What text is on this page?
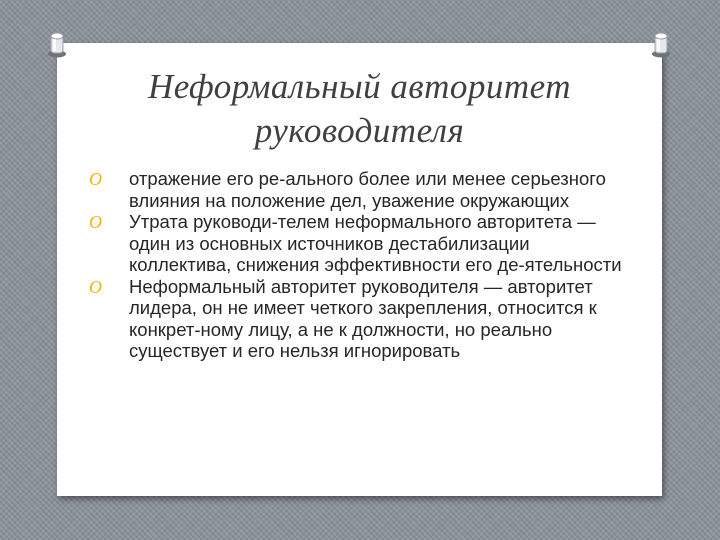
Неформальный авторитет
руководителя
O отражение его ре-ального более или менее серьезного влияния на положение дел, уважение окружающих
O Утрата руководи-телем неформального авторитета — один из основных источников дестабилизации коллектива, снижения эффективности его де-ятельности
O Неформальный авторитет руководителя — авторитет лидера, он не имеет четкого закрепления, относится к конкрет-ному лицу, а не к должности, но реально существует и его нельзя игнорировать
